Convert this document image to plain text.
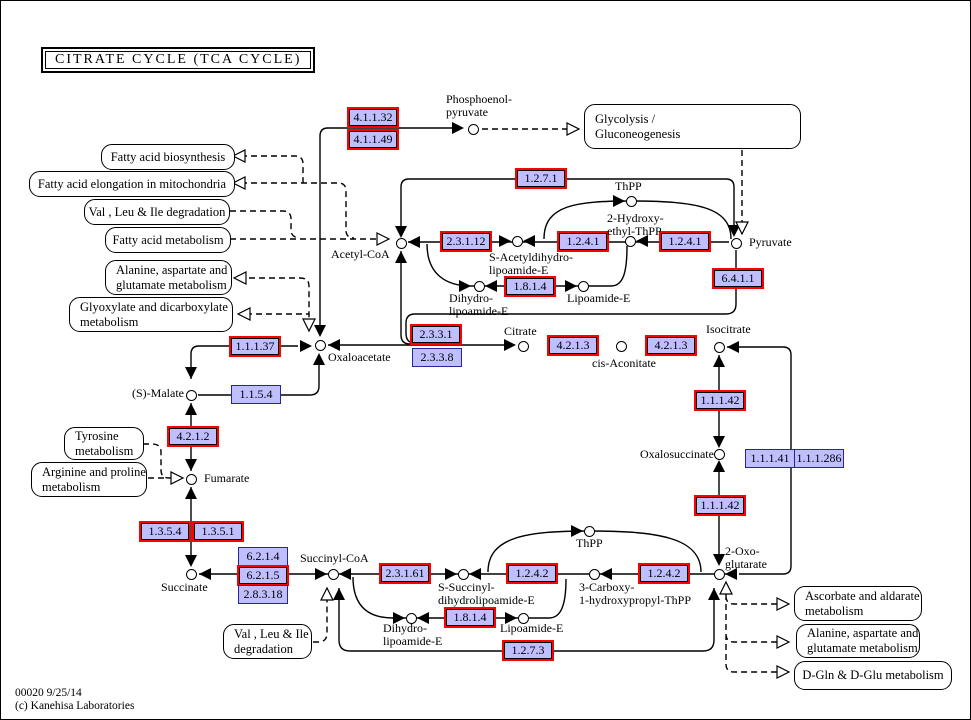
CITRATE CYCLE (TCA CYCLE)
Glycolysis /
Gluconeogenesis
Fatty acid biosynthesis
Fatty acid elongation in mitochondria
Val , Leu & Ile degradation
Fatty acid metabolism
Alanine, aspartate and
glutamate metabolism
Glyoxylate and dicarboxylate
metabolism
Tyrosine
metabolism
Arginine and proline
metabolism
Val , Leu & Ile
degradation
Ascorbate and aldarate
metabolism
Alanine, aspartate and
glutamate metabolism
D-Gln & D-Glu metabolism
4.1.1.32
4.1.1.49
1.2.7.1
2.3.1.12	1.2.4.1	1.2.4.1
6.4.1.1
1.8.1.4
2.3.3.1
2.3.3.8
1.1.1.37
1.1.5.4
4.2.1.3	4.2.1.3
4.2.1.2
1.1.1.42
1.1.1.41 1.1.1.286
1.1.1.42
1.3.5.4	1.3.5.1
6.2.1.4
6.2.1.5
2.8.3.18
2.3.1.61	1.2.4.2	1.2.4.2
1.8.1.4
1.2.7.3
Phosphoenol-
pyruvate
Pyruvate
ThPP
2-Hydroxy-
ethyl-ThPP
Acetyl-CoA	S-Acetyldihydro-
lipoamide-E
Dihydro-
lipoamide-E
Lipoamide-E
Oxaloacetate
Citrate
cis-Aconitate
Isocitrate
(S)-Malate
Fumarate
Oxalosuccinate
2-Oxo-
glutarate
Succinate
Succinyl-CoA
S-Succinyl-
dihydrolipoamide-E
3-Carboxy-
1-hydroxypropyl-ThPP
ThPP
Dihydro-
lipoamide-E
Lipoamide-E
00020 9/25/14
(c) Kanehisa Laboratories
